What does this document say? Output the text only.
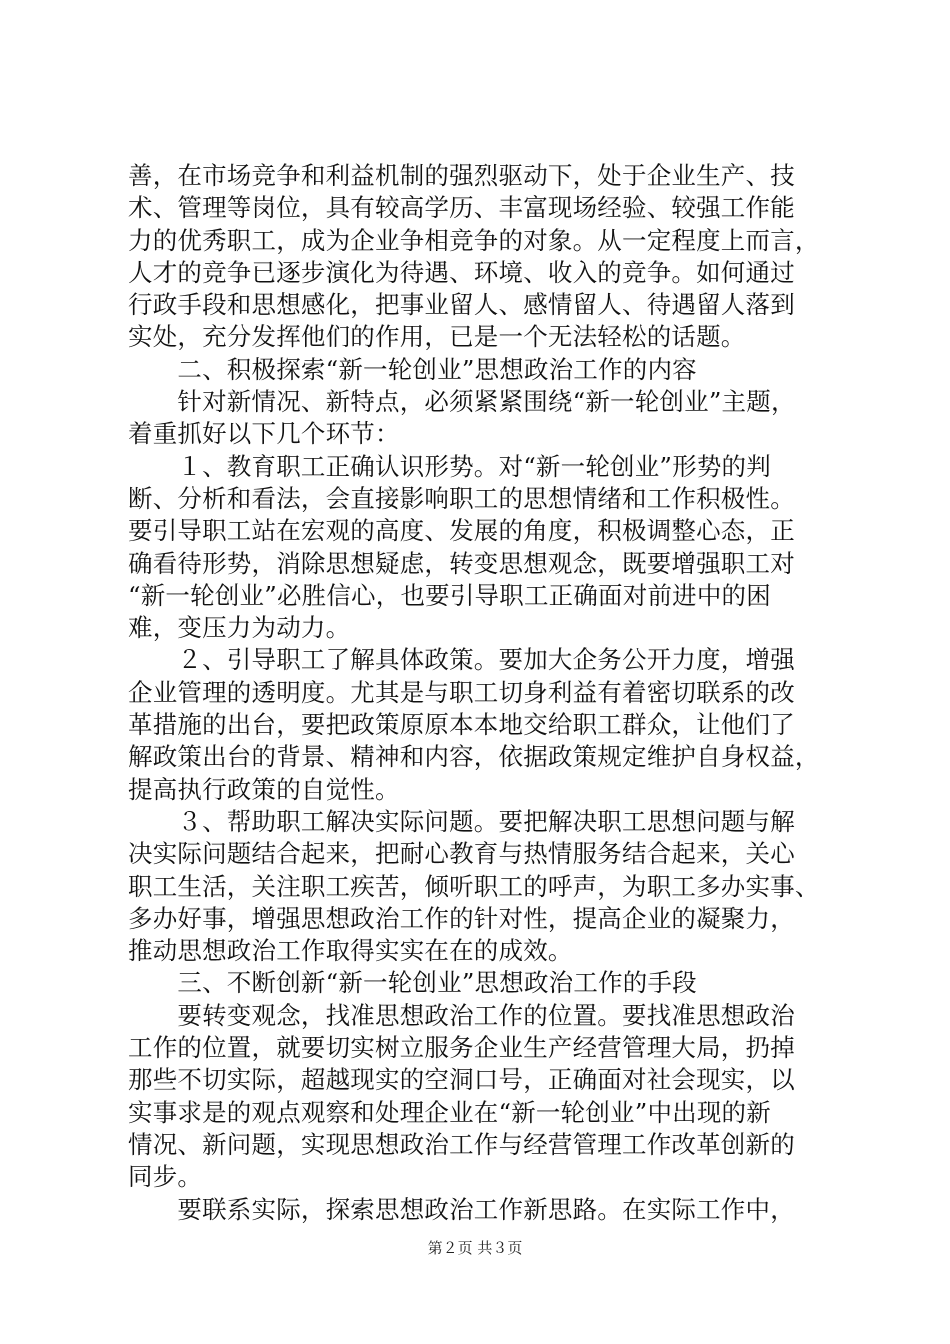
善，在市场竞争和利益机制的强烈驱动下，处于企业生产、技
术、管理等岗位，具有较高学历、丰富现场经验、较强工作能
力的优秀职工，成为企业争相竞争的对象。从一定程度上而言，
人才的竞争已逐步演化为待遇、环境、收入的竞争。如何通过
行政手段和思想感化，把事业留人、感情留人、待遇留人落到
实处，充分发挥他们的作用，已是一个无法轻松的话题。
　　二、积极探索“新一轮创业”思想政治工作的内容
　　针对新情况、新特点，必须紧紧围绕“新一轮创业”主题，
着重抓好以下几个环节：
　　１、教育职工正确认识形势。对“新一轮创业”形势的判
断、分析和看法，会直接影响职工的思想情绪和工作积极性。
要引导职工站在宏观的高度、发展的角度，积极调整心态，正
确看待形势，消除思想疑虑，转变思想观念，既要增强职工对
“新一轮创业”必胜信心，也要引导职工正确面对前进中的困
难，变压力为动力。
　　２、引导职工了解具体政策。要加大企务公开力度，增强
企业管理的透明度。尤其是与职工切身利益有着密切联系的改
革措施的出台，要把政策原原本本地交给职工群众，让他们了
解政策出台的背景、精神和内容，依据政策规定维护自身权益，
提高执行政策的自觉性。
　　３、帮助职工解决实际问题。要把解决职工思想问题与解
决实际问题结合起来，把耐心教育与热情服务结合起来，关心
职工生活，关注职工疾苦，倾听职工的呼声，为职工多办实事、
多办好事，增强思想政治工作的针对性，提高企业的凝聚力，
推动思想政治工作取得实实在在的成效。
　　三、不断创新“新一轮创业”思想政治工作的手段
　　要转变观念，找准思想政治工作的位置。要找准思想政治
工作的位置，就要切实树立服务企业生产经营管理大局，扔掉
那些不切实际，超越现实的空洞口号，正确面对社会现实，以
实事求是的观点观察和处理企业在“新一轮创业”中出现的新
情况、新问题，实现思想政治工作与经营管理工作改革创新的
同步。
　　要联系实际，探索思想政治工作新思路。在实际工作中，
第２页 共３页
